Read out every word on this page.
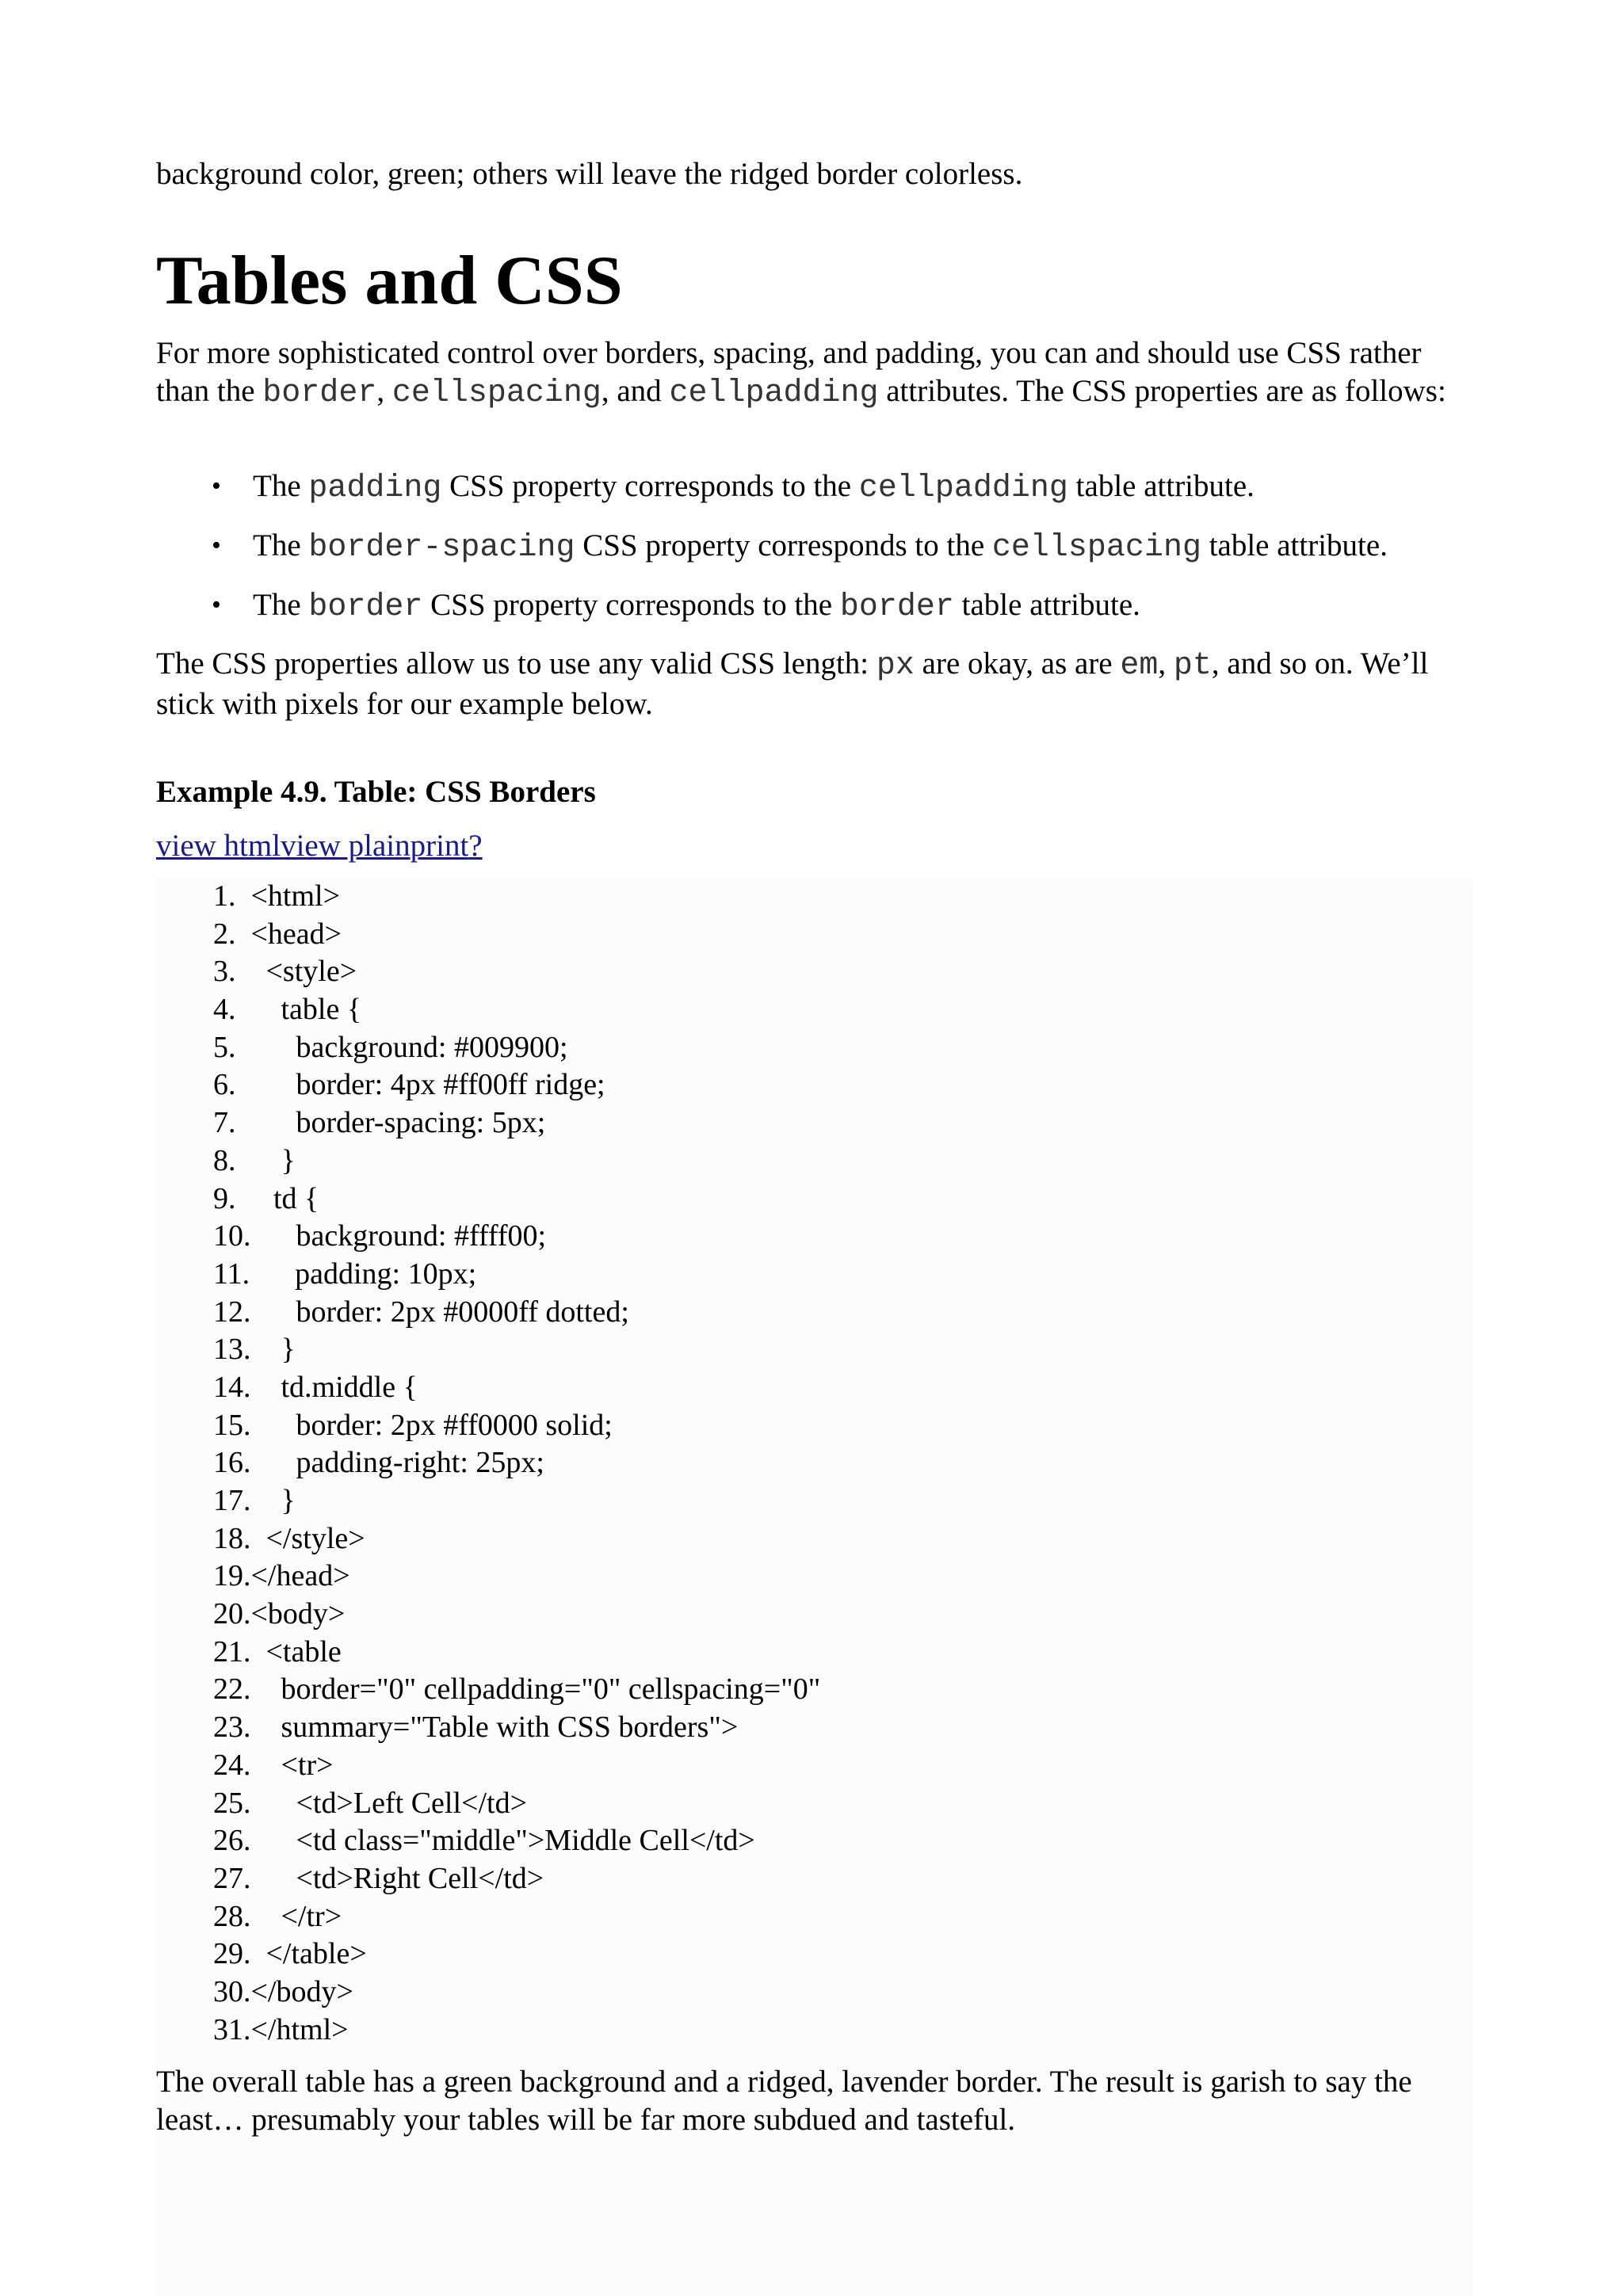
background color, green; others will leave the ridged border colorless.

Tables and CSS

For more sophisticated control over borders, spacing, and padding, you can and should use CSS rather than the border, cellspacing, and cellpadding attributes. The CSS properties are as follows:

• The padding CSS property corresponds to the cellpadding table attribute.
• The border-spacing CSS property corresponds to the cellspacing table attribute.
• The border CSS property corresponds to the border table attribute.

The CSS properties allow us to use any valid CSS length: px are okay, as are em, pt, and so on. We’ll stick with pixels for our example below.

Example 4.9. Table: CSS Borders

view htmlview plainprint?
1.  <html>
2.  <head>
3.    <style>
4.      table {
5.        background: #009900;
6.        border: 4px #ff00ff ridge;
7.        border-spacing: 5px;
8.      }
9.     td {
10.      background: #ffff00;
11.      padding: 10px;
12.      border: 2px #0000ff dotted;
13.    }
14.    td.middle {
15.      border: 2px #ff0000 solid;
16.      padding-right: 25px;
17.    }
18.  </style>
19.</head>
20.<body>
21.  <table
22.    border="0" cellpadding="0" cellspacing="0"
23.    summary="Table with CSS borders">
24.    <tr>
25.      <td>Left Cell</td>
26.      <td class="middle">Middle Cell</td>
27.      <td>Right Cell</td>
28.    </tr>
29.  </table>
30.</body>
31.</html>

The overall table has a green background and a ridged, lavender border. The result is garish to say the least… presumably your tables will be far more subdued and tasteful.
